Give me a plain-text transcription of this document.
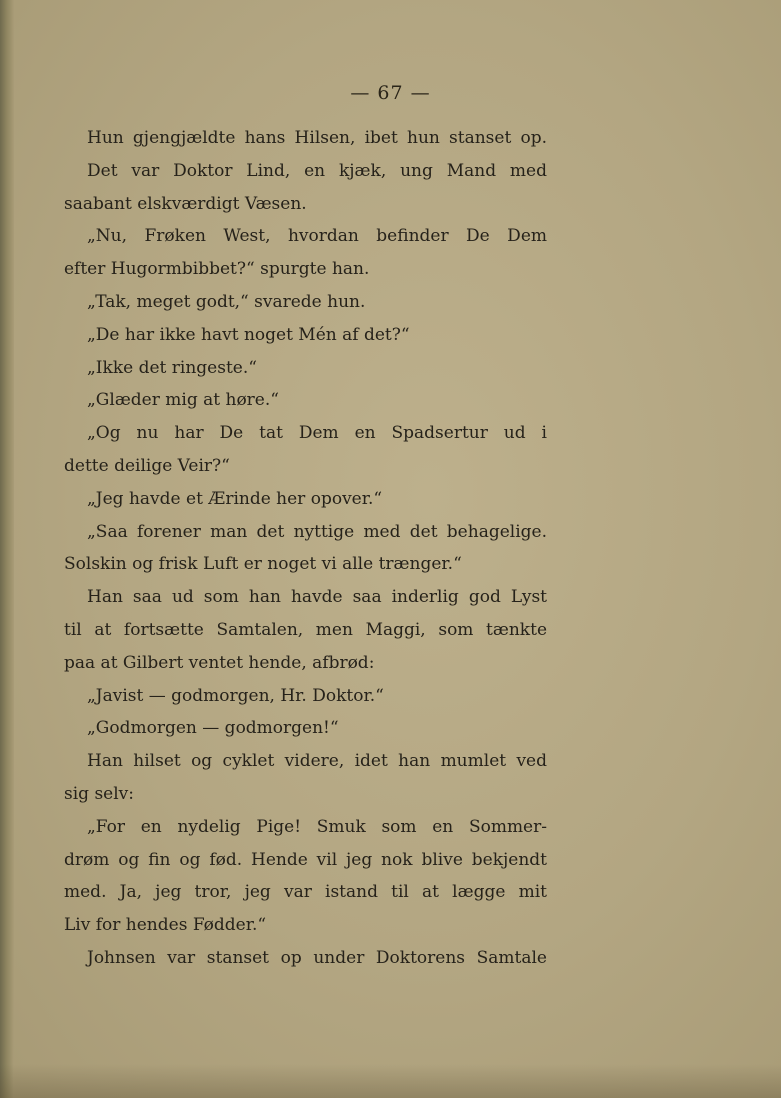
— 67 —
Hun gjengjældte hans Hilsen, ibet hun stanset op.
Det var Doktor Lind, en kjæk, ung Mand med
saabant elskværdigt Væsen.
„Nu, Frøken West, hvordan befinder De Dem
efter Hugormbibbet?“ spurgte han.
„Tak, meget godt,“ svarede hun.
„De har ikke havt noget Mén af det?“
„Ikke det ringeste.“
„Glæder mig at høre.“
„Og nu har De tat Dem en Spadsertur ud i
dette deilige Veir?“
„Jeg havde et Ærinde her opover.“
„Saa forener man det nyttige med det behagelige.
Solskin og frisk Luft er noget vi alle trænger.“
Han saa ud som han havde saa inderlig god Lyst
til at fortsætte Samtalen, men Maggi, som tænkte
paa at Gilbert ventet hende, afbrød:
„Javist — godmorgen, Hr. Doktor.“
„Godmorgen — godmorgen!“
Han hilset og cyklet videre, idet han mumlet ved
sig selv:
„For en nydelig Pige! Smuk som en Sommer-
drøm og fin og fød. Hende vil jeg nok blive bekjendt
med. Ja, jeg tror, jeg var istand til at lægge mit
Liv for hendes Fødder.“
Johnsen var stanset op under Doktorens Samtale
